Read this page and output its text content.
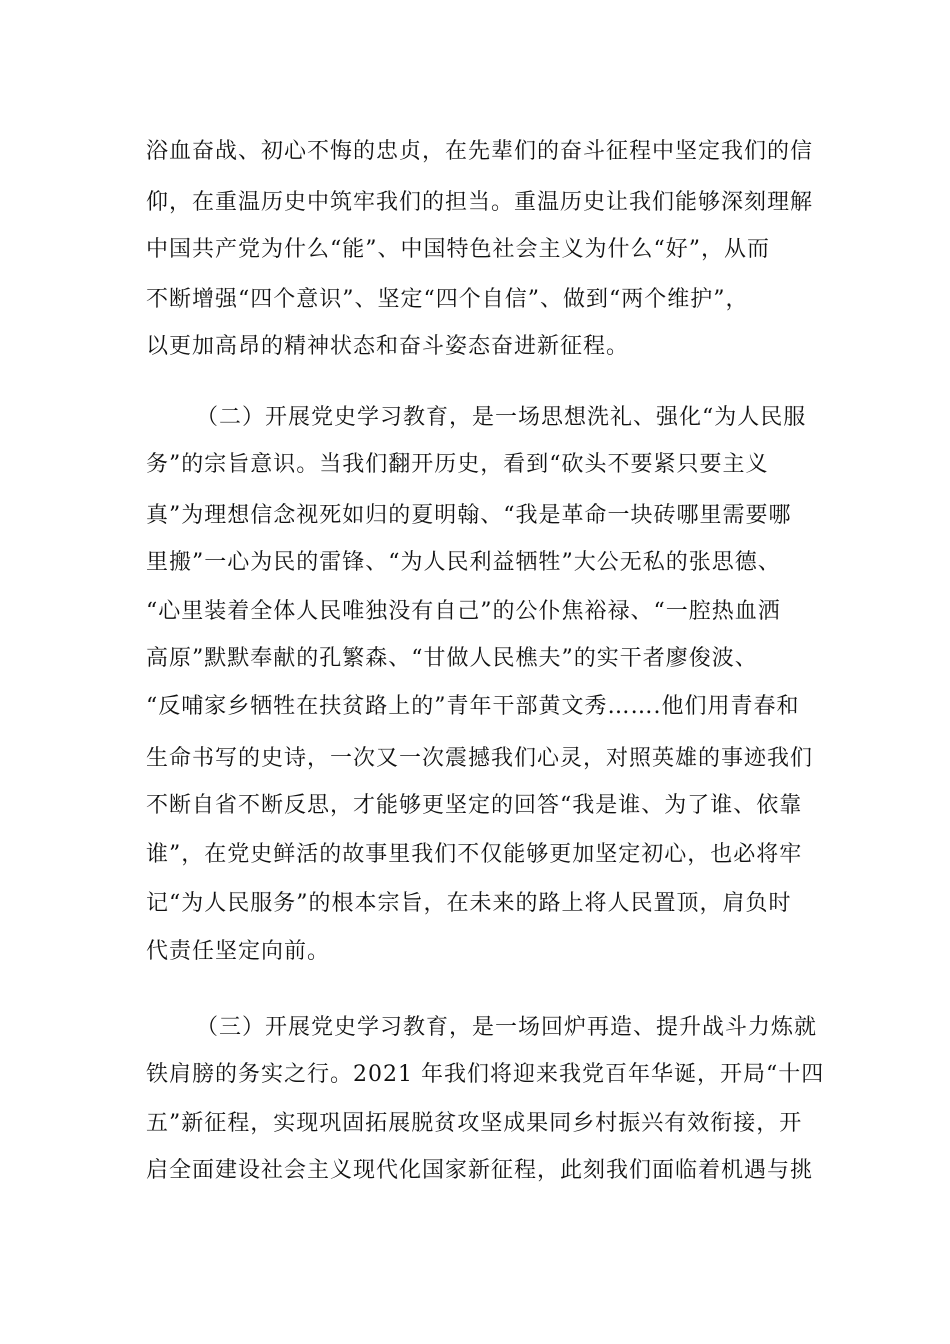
浴血奋战、初心不悔的忠贞，在先辈们的奋斗征程中坚定我们的信
仰，在重温历史中筑牢我们的担当。重温历史让我们能够深刻理解
中国共产党为什么“能”、中国特色社会主义为什么“好”，从而
不断增强“四个意识”、坚定“四个自信”、做到“两个维护”，
以更加高昂的精神状态和奋斗姿态奋进新征程。
（二）开展党史学习教育，是一场思想洗礼、强化“为人民服
务”的宗旨意识。当我们翻开历史，看到“砍头不要紧只要主义
真”为理想信念视死如归的夏明翰、“我是革命一块砖哪里需要哪
里搬”一心为民的雷锋、“为人民利益牺牲”大公无私的张思德、
“心里装着全体人民唯独没有自己”的公仆焦裕禄、“一腔热血洒
高原”默默奉献的孔繁森、“甘做人民樵夫”的实干者廖俊波、
“反哺家乡牺牲在扶贫路上的”青年干部黄文秀…….他们用青春和
生命书写的史诗，一次又一次震撼我们心灵，对照英雄的事迹我们
不断自省不断反思，才能够更坚定的回答“我是谁、为了谁、依靠
谁”，在党史鲜活的故事里我们不仅能够更加坚定初心，也必将牢
记“为人民服务”的根本宗旨，在未来的路上将人民置顶，肩负时
代责任坚定向前。
（三）开展党史学习教育，是一场回炉再造、提升战斗力炼就
铁肩膀的务实之行。2021 年我们将迎来我党百年华诞，开局“十四
五”新征程，实现巩固拓展脱贫攻坚成果同乡村振兴有效衔接，开
启全面建设社会主义现代化国家新征程，此刻我们面临着机遇与挑
